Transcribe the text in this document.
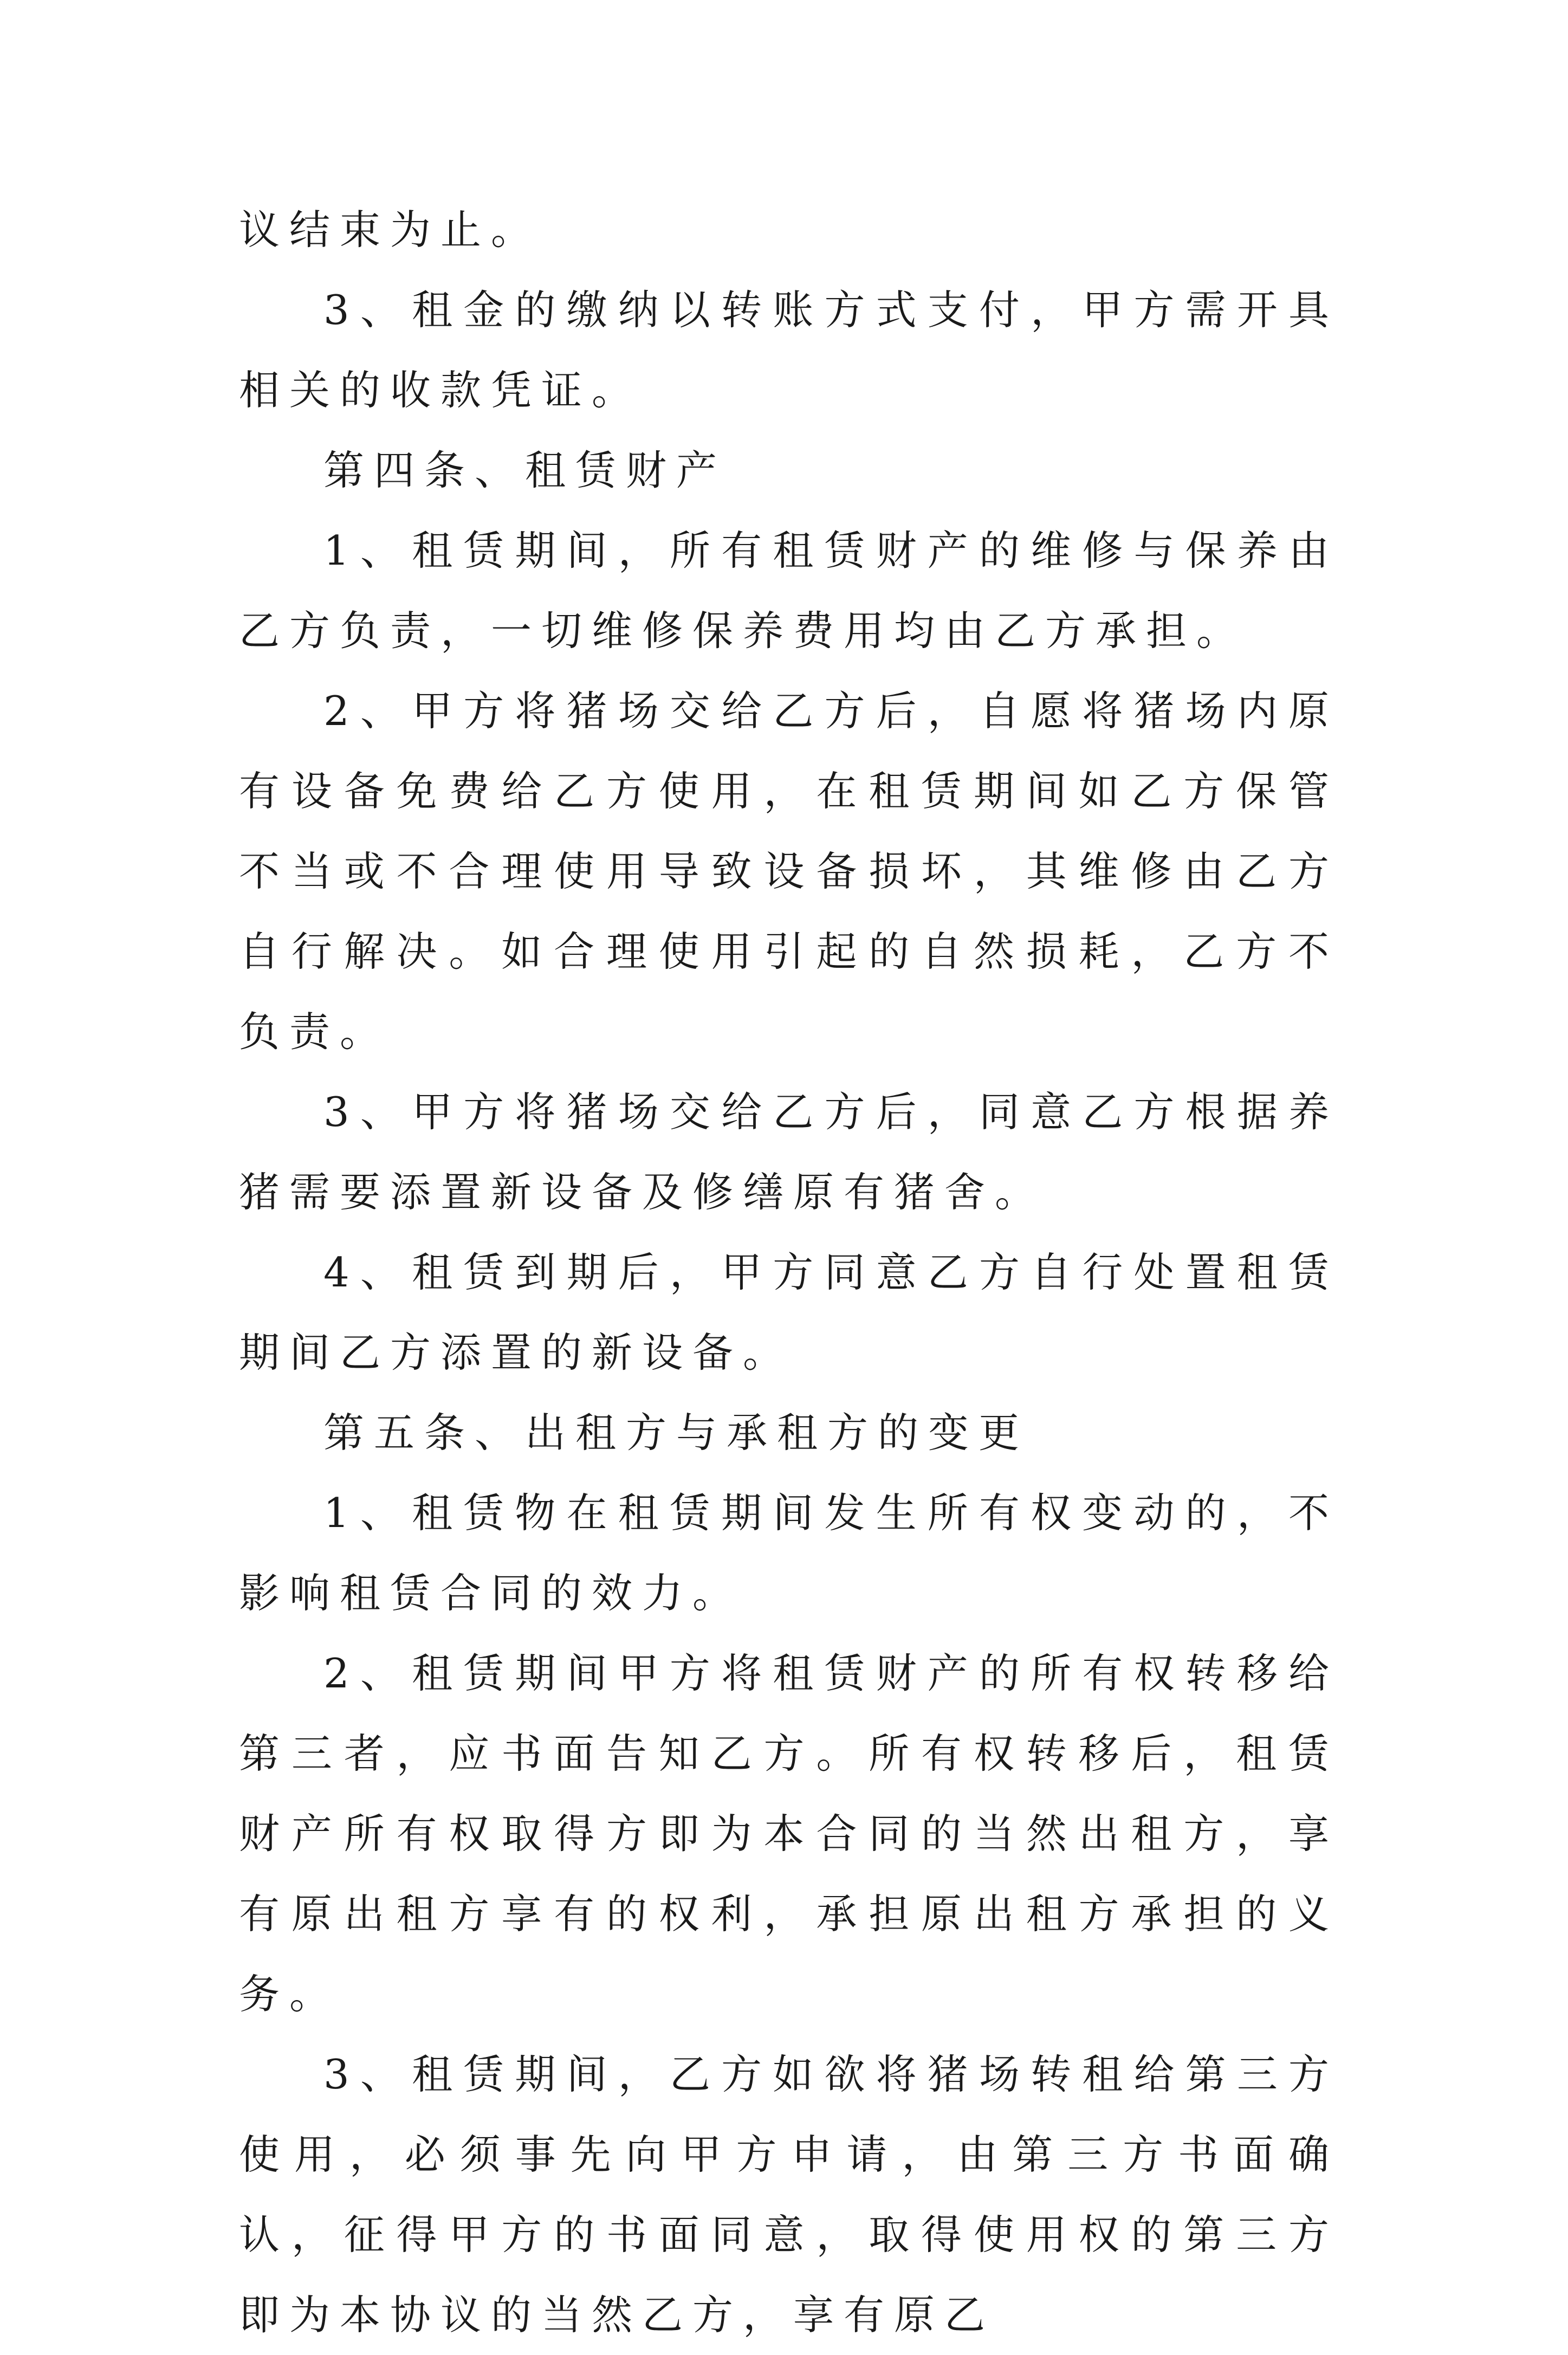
议结束为止。

3、租金的缴纳以转账方式支付，甲方需开具相关的收款凭证。

第四条、租赁财产

1、租赁期间，所有租赁财产的维修与保养由乙方负责，一切维修保养费用均由乙方承担。

2、甲方将猪场交给乙方后，自愿将猪场内原有设备免费给乙方使用，在租赁期间如乙方保管不当或不合理使用导致设备损坏，其维修由乙方自行解决。如合理使用引起的自然损耗，乙方不负责。

3、甲方将猪场交给乙方后，同意乙方根据养猪需要添置新设备及修缮原有猪舍。

4、租赁到期后，甲方同意乙方自行处置租赁期间乙方添置的新设备。

第五条、出租方与承租方的变更

1、租赁物在租赁期间发生所有权变动的，不影响租赁合同的效力。

2、租赁期间甲方将租赁财产的所有权转移给第三者，应书面告知乙方。所有权转移后，租赁财产所有权取得方即为本合同的当然出租方，享有原出租方享有的权利，承担原出租方承担的义务。

3、租赁期间，乙方如欲将猪场转租给第三方使用，必须事先向甲方申请，由第三方书面确认，征得甲方的书面同意，取得使用权的第三方即为本协议的当然乙方，享有原乙
